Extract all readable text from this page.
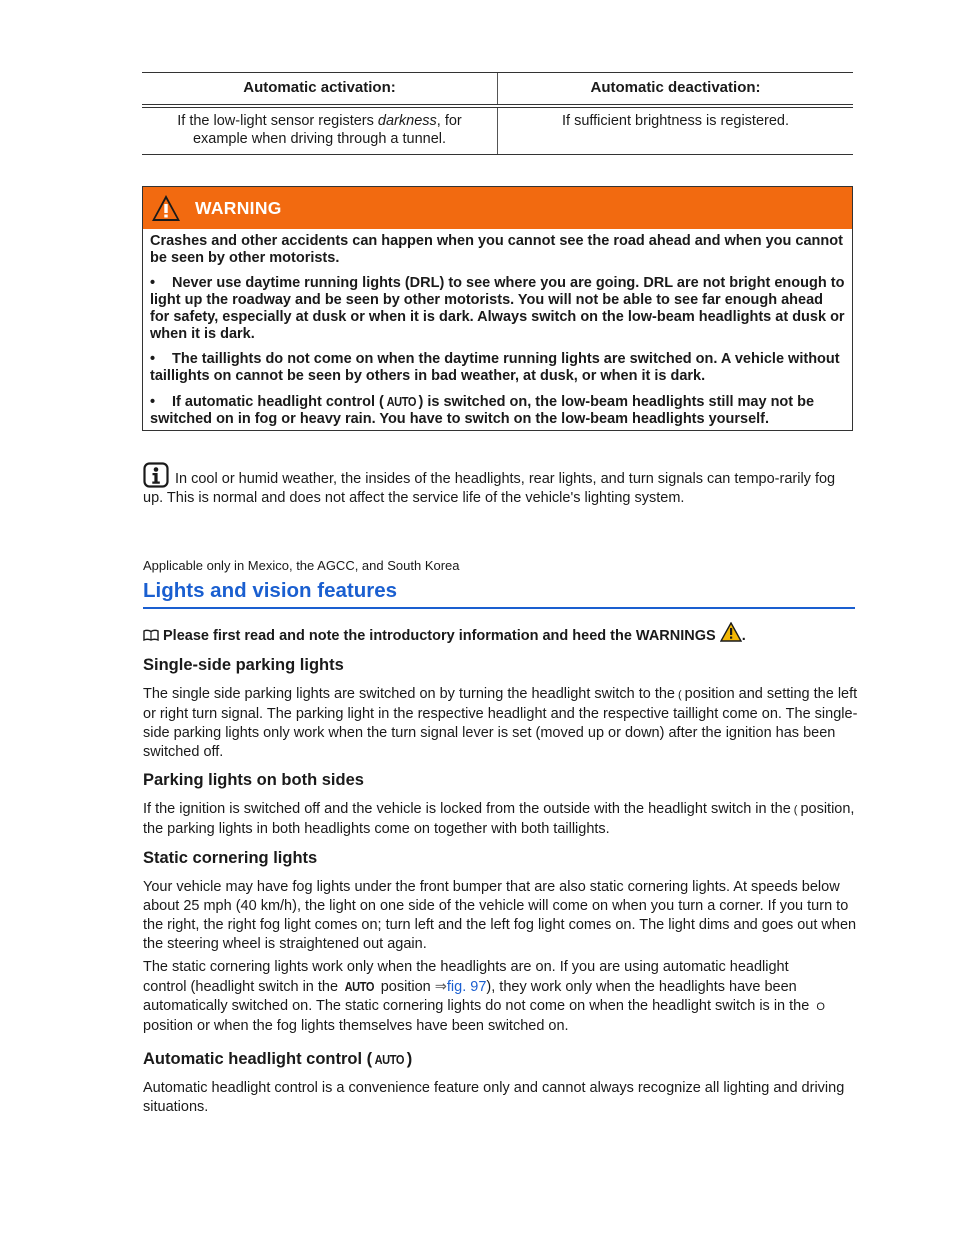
Automatic activation:	Automatic deactivation:
If the low-light sensor registers darkness, for example when driving through a tunnel.	If sufficient brightness is registered.
WARNING

Crashes and other accidents can happen when you cannot see the road ahead and when you cannot be seen by other motorists.

• Never use daytime running lights (DRL) to see where you are going. DRL are not bright enough to light up the roadway and be seen by other motorists. You will not be able to see far enough ahead for safety, especially at dusk or when it is dark. Always switch on the low-beam headlights at dusk or when it is dark.

• The taillights do not come on when the daytime running lights are switched on. A vehicle without taillights on cannot be seen by others in bad weather, at dusk, or when it is dark.

• If automatic headlight control ( AUTO ) is switched on, the low-beam headlights still may not be switched on in fog or heavy rain. You have to switch on the low-beam headlights yourself.

In cool or humid weather, the insides of the headlights, rear lights, and turn signals can tempo-rarily fog up. This is normal and does not affect the service life of the vehicle's lighting system.
Applicable only in Mexico, the AGCC, and South Korea
Lights and vision features
Please first read and note the introductory information and heed the WARNINGS .
Single-side parking lights
The single side parking lights are switched on by turning the headlight switch to the ( position and setting the left or right turn signal. The parking light in the respective headlight and the respective taillight come on. The single-side parking lights only work when the turn signal lever is set (moved up or down) after the ignition has been switched off.
Parking lights on both sides
If the ignition is switched off and the vehicle is locked from the outside with the headlight switch in the ( position, the parking lights in both headlights come on together with both taillights.
Static cornering lights
Your vehicle may have fog lights under the front bumper that are also static cornering lights. At speeds below about 25 mph (40 km/h), the light on one side of the vehicle will come on when you turn a corner. If you turn to the right, the right fog light comes on; turn left and the left fog light comes on. The light dims and goes out when the steering wheel is straightened out again.
The static cornering lights work only when the headlights are on. If you are using automatic headlight
control (headlight switch in the AUTO position ⇒fig. 97), they work only when the headlights have been automatically switched on. The static cornering lights do not come on when the headlight switch is in the Oposition or when the fog lights themselves have been switched on.
Automatic headlight control ( AUTO )
Automatic headlight control is a convenience feature only and cannot always recognize all lighting and driving situations.
